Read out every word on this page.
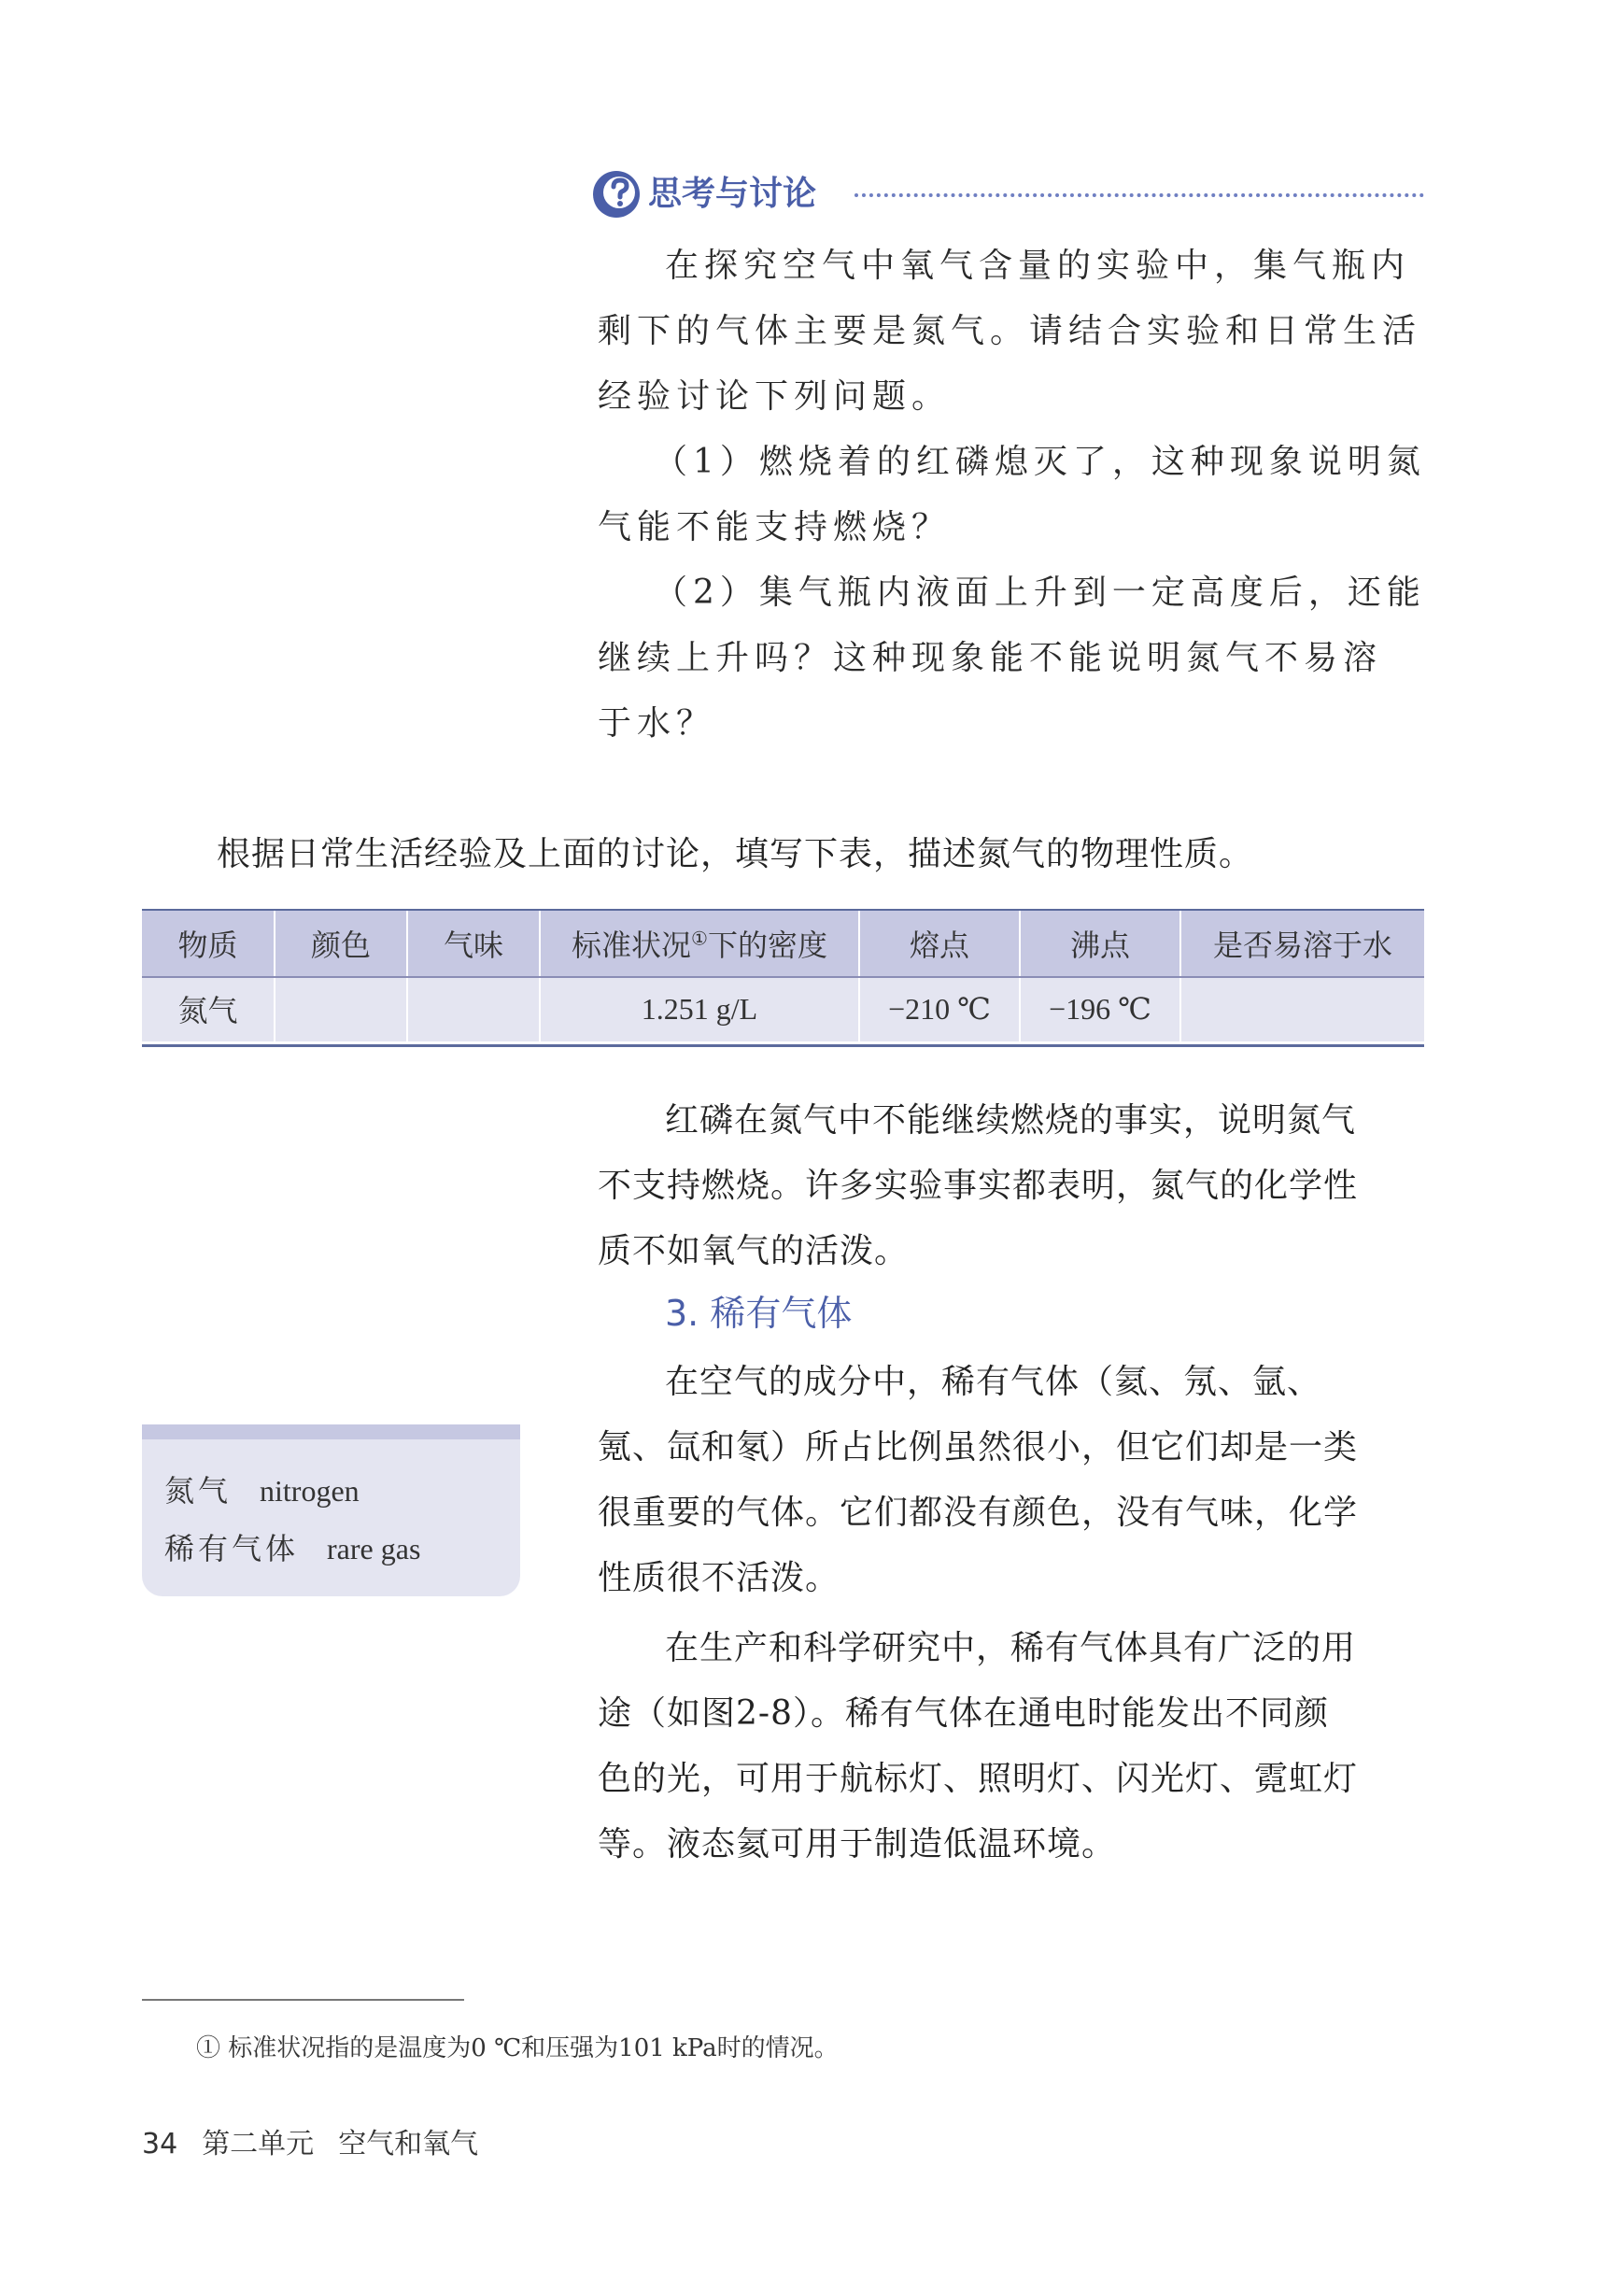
思考与讨论
在探究空气中氧气含量的实验中，集气瓶内
剩下的气体主要是氮气。请结合实验和日常生活
经验讨论下列问题。
（1）燃烧着的红磷熄灭了，这种现象说明氮
气能不能支持燃烧？
（2）集气瓶内液面上升到一定高度后，还能
继续上升吗？这种现象能不能说明氮气不易溶
于水？
根据日常生活经验及上面的讨论，填写下表，描述氮气的物理性质。
物质	颜色	气味	标准状况①下的密度	熔点	沸点	是否易溶于水
氮气			1.251 g/L	−210 ℃	−196 ℃	
红磷在氮气中不能继续燃烧的事实，说明氮气
不支持燃烧。许多实验事实都表明，氮气的化学性
质不如氧气的活泼。
3. 稀有气体
在空气的成分中，稀有气体（氦、氖、氩、
氪、氙和氡）所占比例虽然很小，但它们却是一类
很重要的气体。它们都没有颜色，没有气味，化学
性质很不活泼。
在生产和科学研究中，稀有气体具有广泛的用
途（如图2-8）。稀有气体在通电时能发出不同颜
色的光，可用于航标灯、照明灯、闪光灯、霓虹灯
等。液态氦可用于制造低温环境。
氮气 nitrogen
稀有气体 rare gas
① 标准状况指的是温度为0 ℃和压强为101 kPa时的情况。
34 第二单元 空气和氧气
